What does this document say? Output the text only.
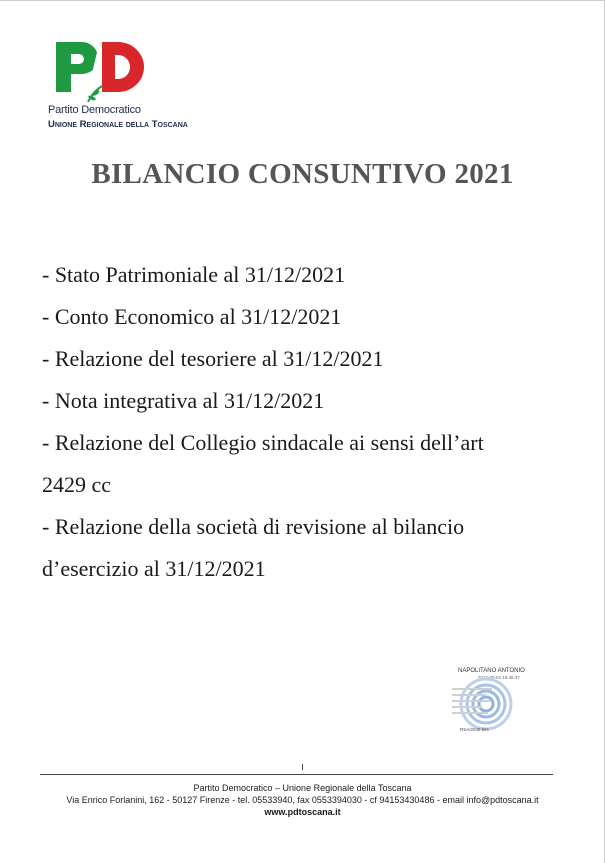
Partito Democratico
Unione Regionale della Toscana
BILANCIO CONSUNTIVO 2021
- Stato Patrimoniale al 31/12/2021
- Conto Economico al 31/12/2021
- Relazione del tesoriere al 31/12/2021
- Nota integrativa al 31/12/2021
- Relazione del Collegio sindacale ai sensi dell’art
2429 cc
- Relazione della società di revisione al bilancio
d’esercizio al 31/12/2021
NAPOLITANO ANTONIO
2022-05-04 16:46:47
RSA/2048 bits
Partito Democratico – Unione Regionale della Toscana
Via Enrico Forlanini, 162 - 50127 Firenze - tel. 05533940, fax 0553394030 - cf 94153430486 - email info@pdtoscana.it
www.pdtoscana.it
